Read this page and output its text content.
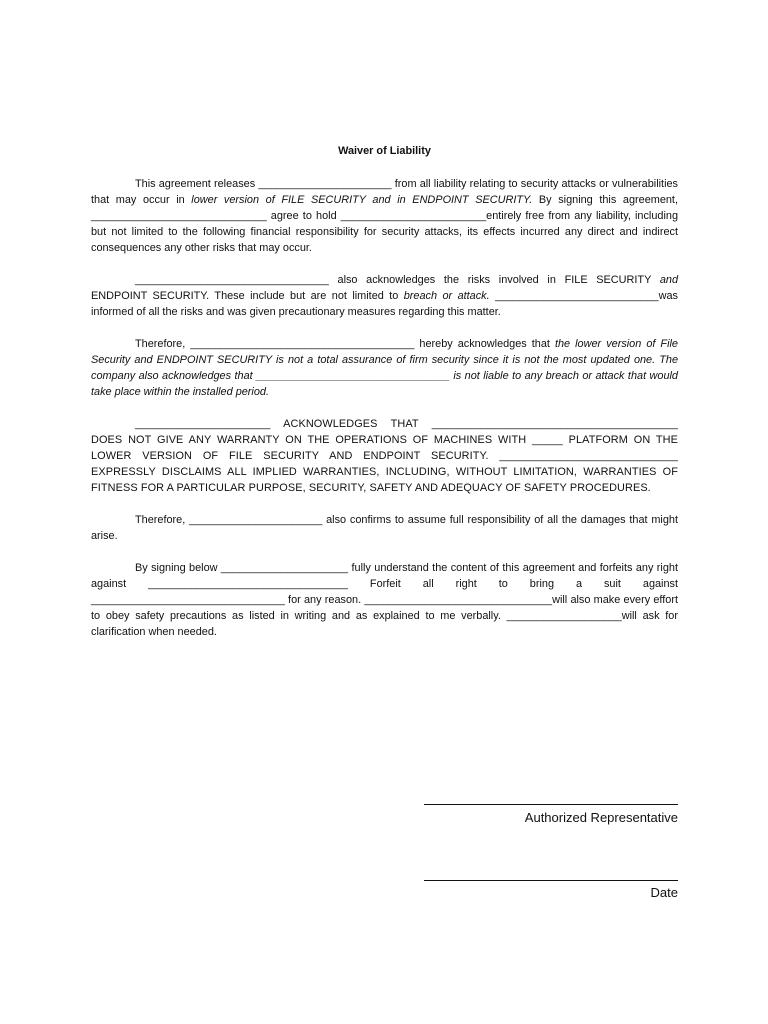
Waiver of Liability

This agreement releases ______________________ from all liability relating to security attacks or vulnerabilities that may occur in lower version of FILE SECURITY and in ENDPOINT SECURITY. By signing this agreement, _____________________________ agree to hold ________________________entirely free from any liability, including but not limited to the following financial responsibility for security attacks, its effects incurred any direct and indirect consequences any other risks that may occur.

________________________________ also acknowledges the risks involved in FILE SECURITY and ENDPOINT SECURITY. These include but are not limited to breach or attack. ___________________________was informed of all the risks and was given precautionary measures regarding this matter.

Therefore, _____________________________________ hereby acknowledges that the lower version of File Security and ENDPOINT SECURITY is not a total assurance of firm security since it is not the most updated one. The company also acknowledges that ________________________________ is not liable to any breach or attack that would take place within the installed period.

______________________ ACKNOWLEDGES THAT ________________________________________ DOES NOT GIVE ANY WARRANTY ON THE OPERATIONS OF MACHINES WITH _____ PLATFORM ON THE LOWER VERSION OF FILE SECURITY AND ENDPOINT SECURITY. _____________________________ EXPRESSLY DISCLAIMS ALL IMPLIED WARRANTIES, INCLUDING, WITHOUT LIMITATION, WARRANTIES OF FITNESS FOR A PARTICULAR PURPOSE, SECURITY, SAFETY AND ADEQUACY OF SAFETY PROCEDURES.

Therefore, ______________________ also confirms to assume full responsibility of all the damages that might arise.

By signing below _____________________ fully understand the content of this agreement and forfeits any right against _________________________________ Forfeit all right to bring a suit against ________________________________ for any reason. _______________________________will also make every effort to obey safety precautions as listed in writing and as explained to me verbally. ___________________will ask for clarification when needed.

Authorized Representative
Date
